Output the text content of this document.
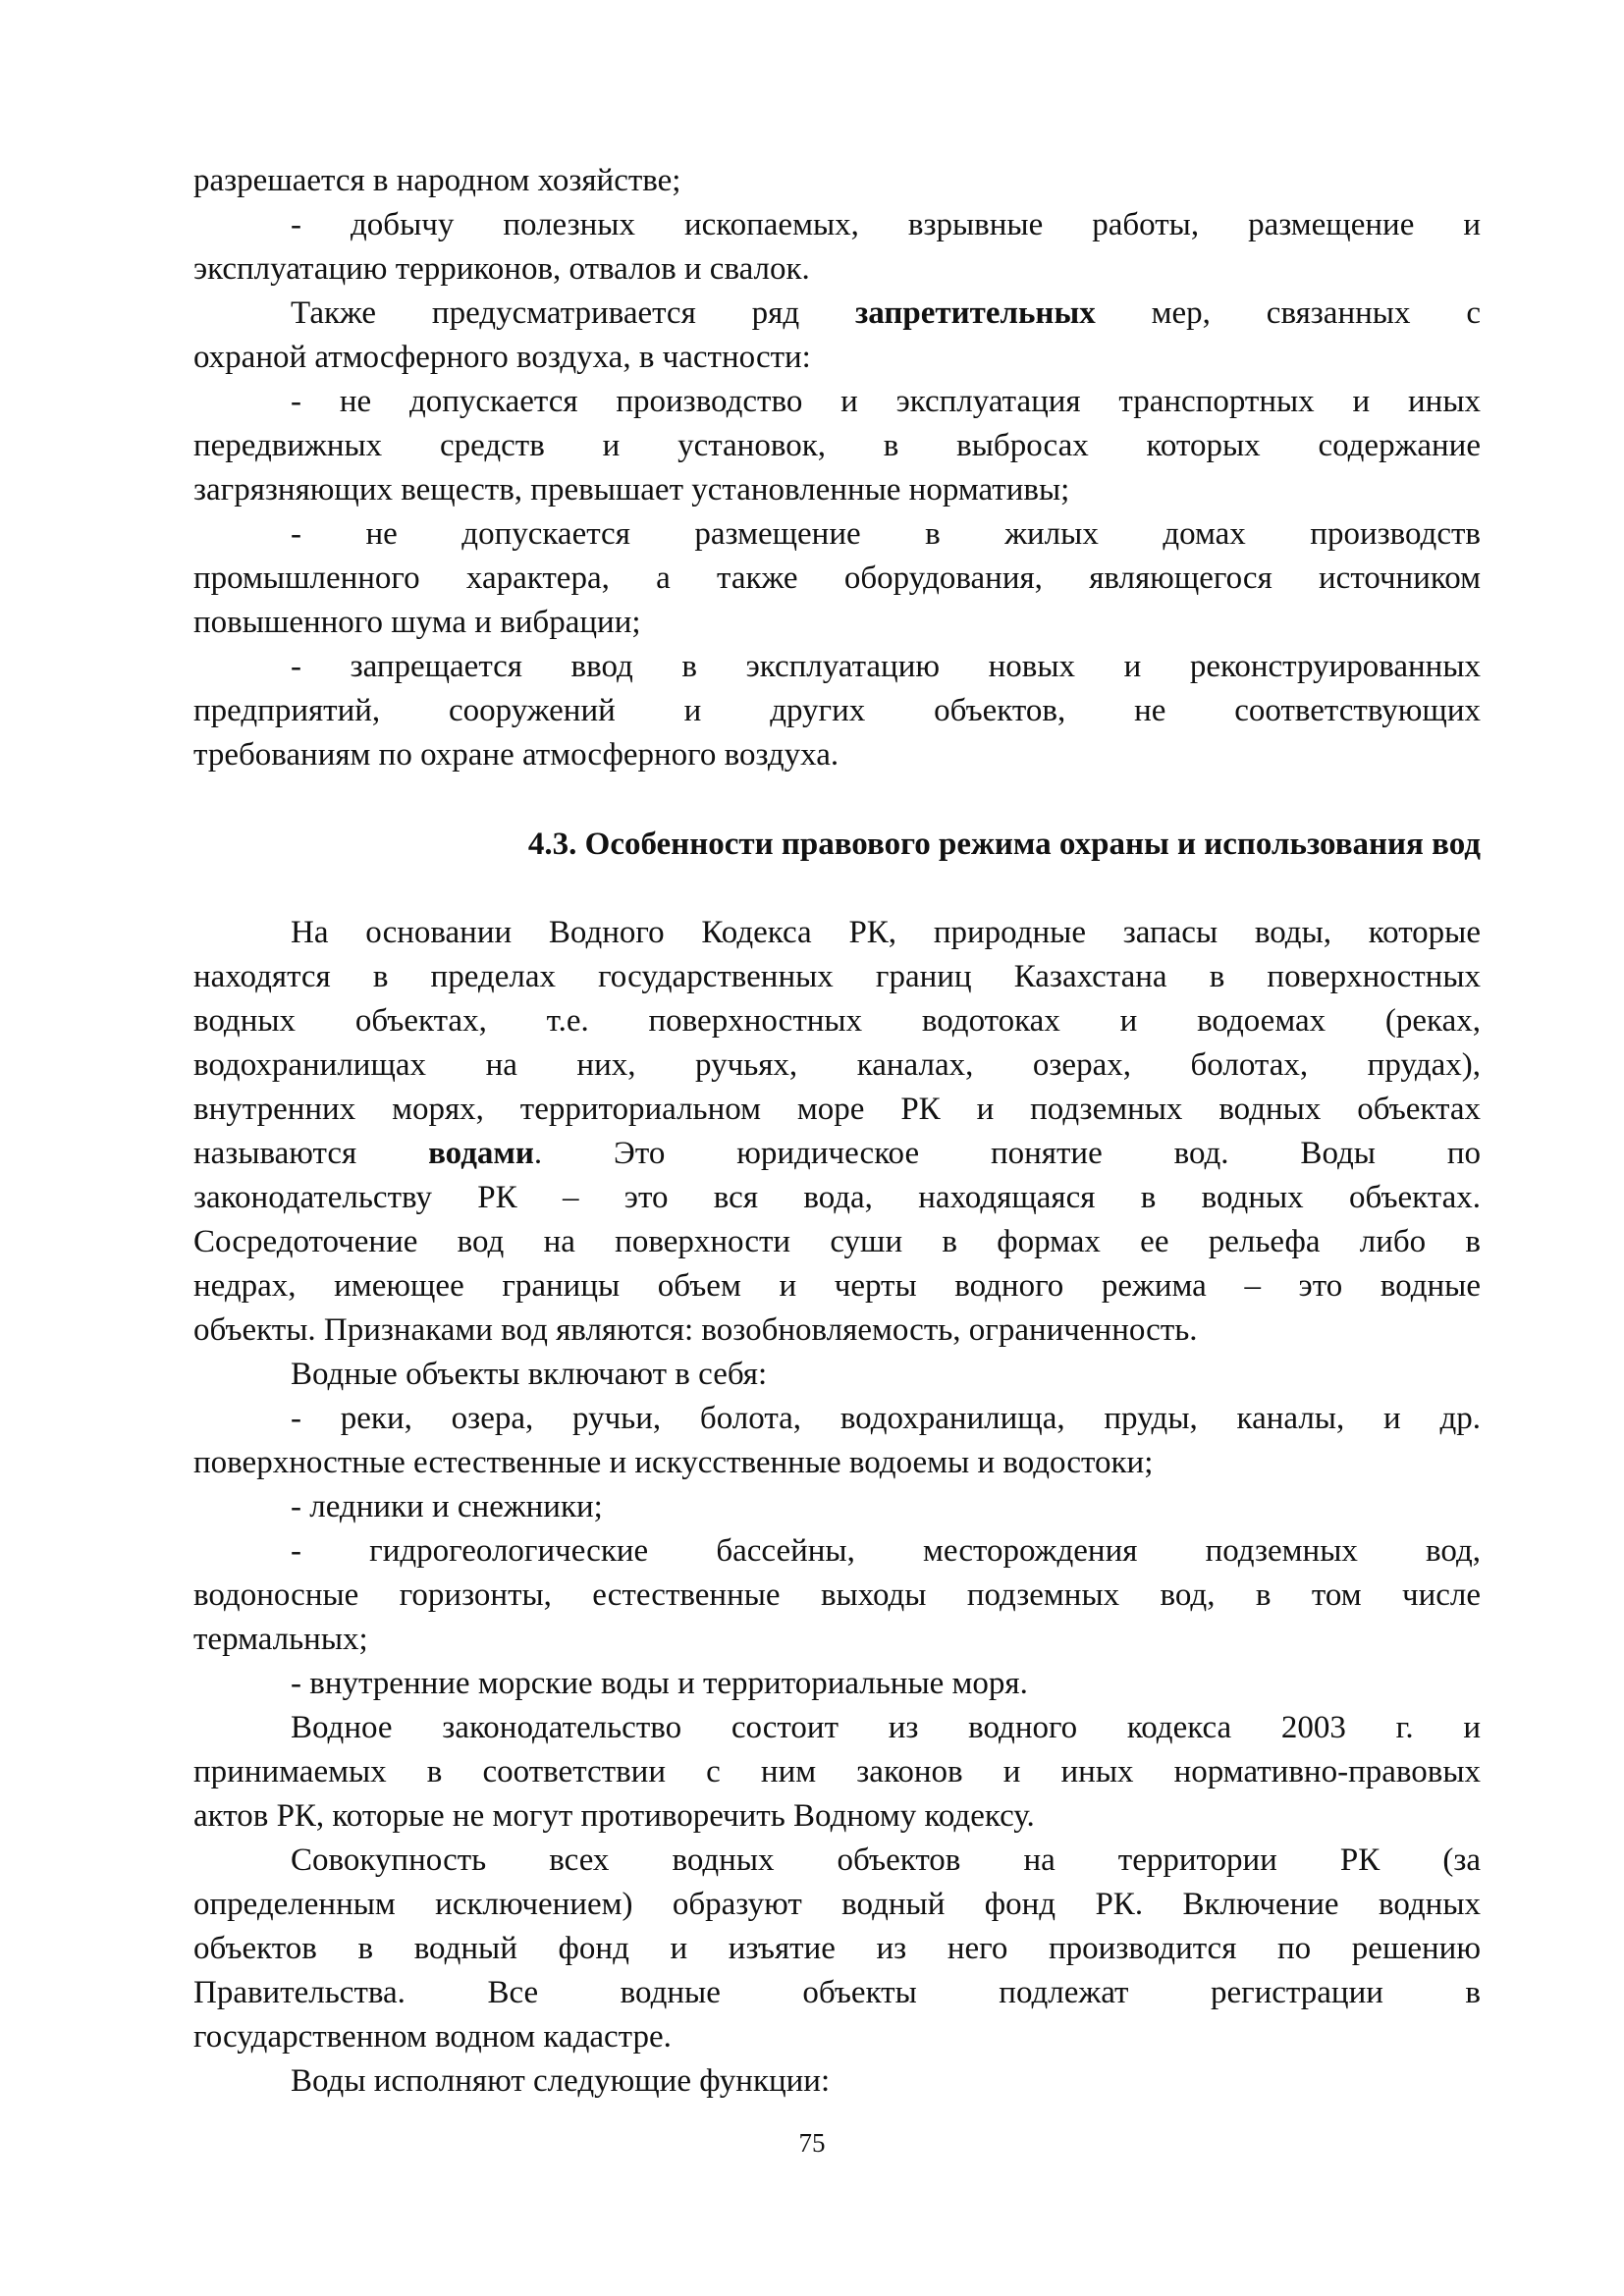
разрешается в народном хозяйстве;
- добычу полезных ископаемых, взрывные работы, размещение и
эксплуатацию терриконов, отвалов и свалок.
Также предусматривается ряд запретительных мер, связанных с
охраной атмосферного воздуха, в частности:
- не допускается производство и эксплуатация транспортных и иных
передвижных средств и установок, в выбросах которых содержание
загрязняющих веществ, превышает установленные нормативы;
- не допускается размещение в жилых домах производств
промышленного характера, а также оборудования, являющегося источником
повышенного шума и вибрации;
- запрещается ввод в эксплуатацию новых и реконструированных
предприятий, сооружений и других объектов, не соответствующих
требованиям по охране атмосферного воздуха.
4.3. Особенности правового режима охраны и использования вод
На основании Водного Кодекса РК, природные запасы воды, которые
находятся в пределах государственных границ Казахстана в поверхностных
водных объектах, т.е. поверхностных водотоках и водоемах (реках,
водохранилищах на них, ручьях, каналах, озерах, болотах, прудах),
внутренних морях, территориальном море РК и подземных водных объектах
называются водами. Это юридическое понятие вод. Воды по
законодательству РК – это вся вода, находящаяся в водных объектах.
Сосредоточение вод на поверхности суши в формах ее рельефа либо в
недрах, имеющее границы объем и черты водного режима – это водные
объекты. Признаками вод являются: возобновляемость, ограниченность.
Водные объекты включают в себя:
- реки, озера, ручьи, болота, водохранилища, пруды, каналы, и др.
поверхностные естественные и искусственные водоемы и водостоки;
- ледники и снежники;
- гидрогеологические бассейны, месторождения подземных вод,
водоносные горизонты, естественные выходы подземных вод, в том числе
термальных;
- внутренние морские воды и территориальные моря.
Водное законодательство состоит из водного кодекса 2003 г. и
принимаемых в соответствии с ним законов и иных нормативно-правовых
актов РК, которые не могут противоречить Водному кодексу.
Совокупность всех водных объектов на территории РК (за
определенным исключением) образуют водный фонд РК. Включение водных
объектов в водный фонд и изъятие из него производится по решению
Правительства. Все водные объекты подлежат регистрации в
государственном водном кадастре.
Воды исполняют следующие функции:
75
